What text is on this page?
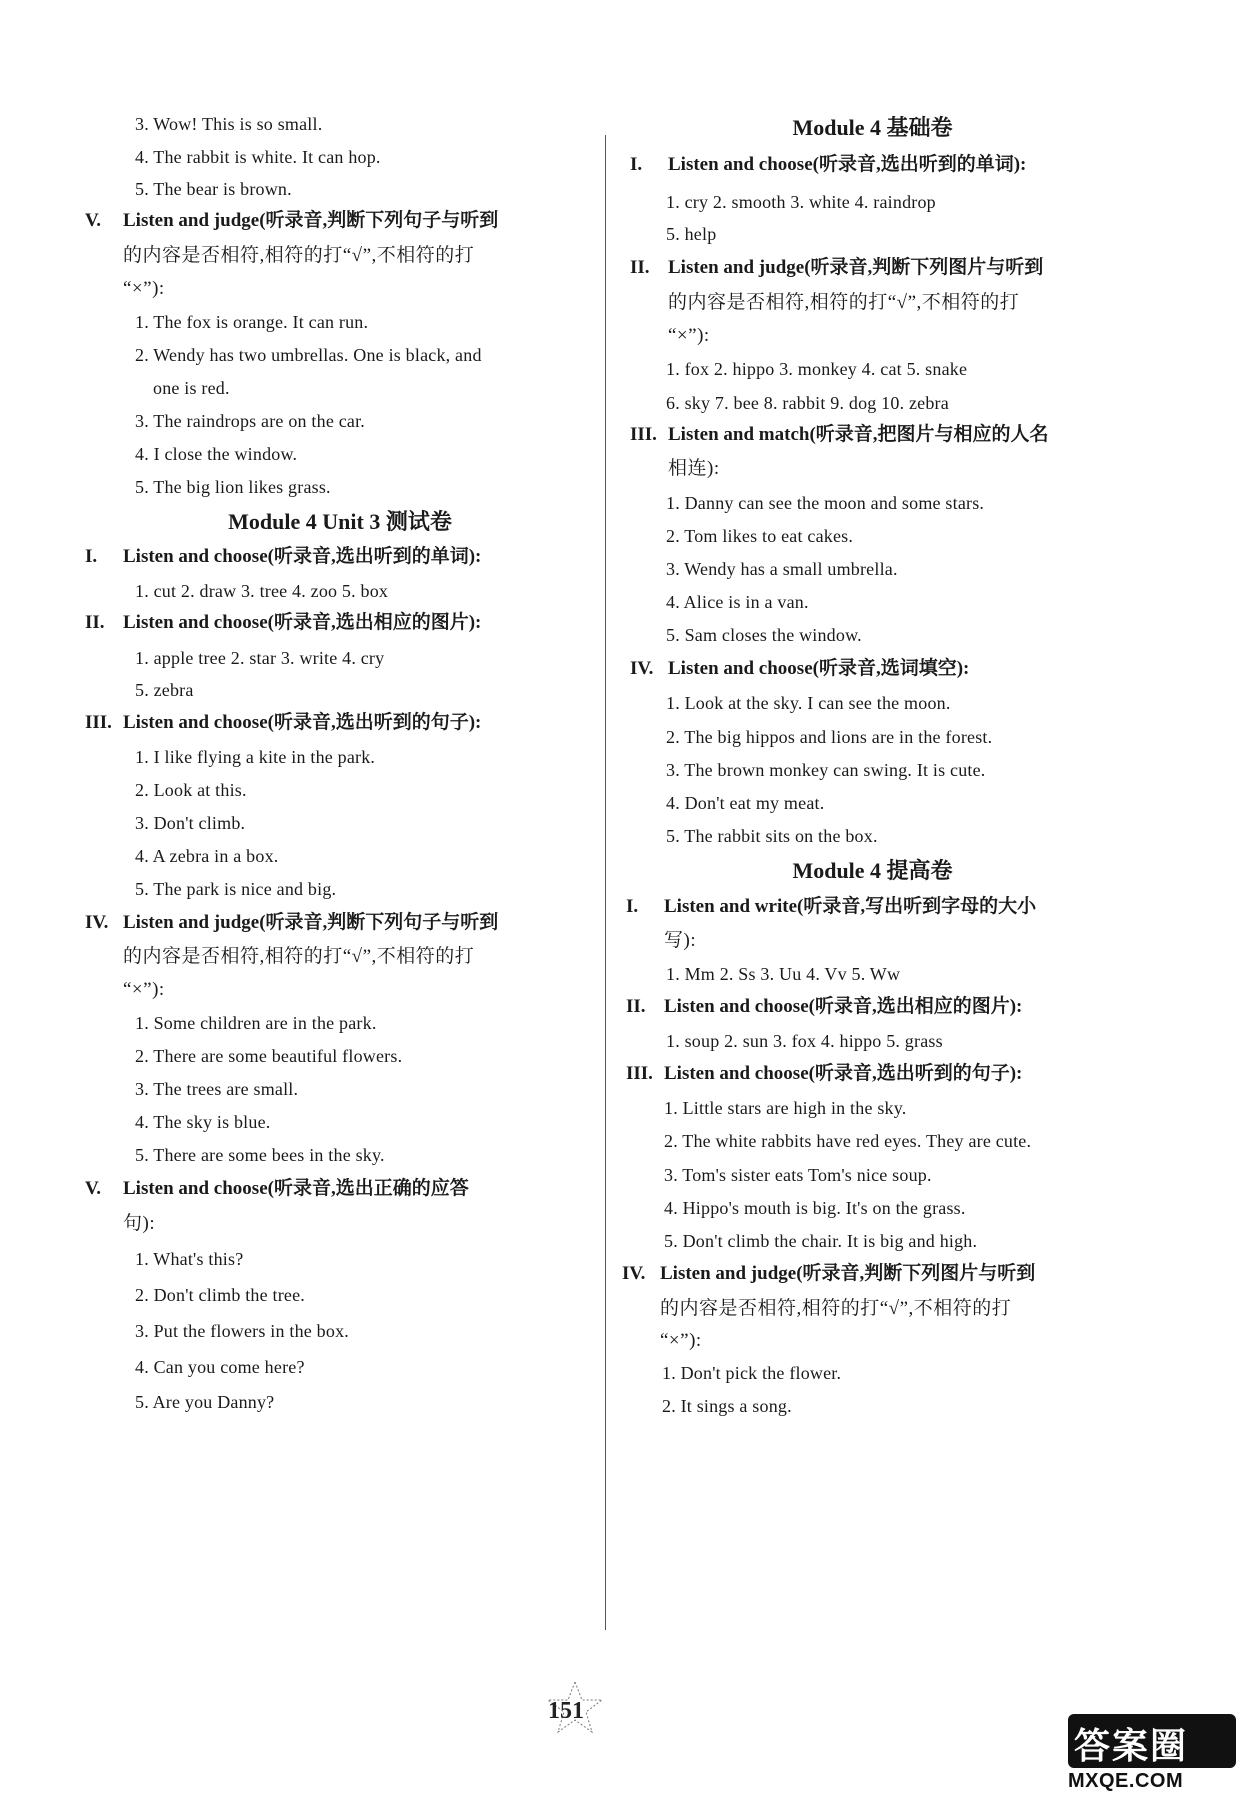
3. Wow! This is so small.
4. The rabbit is white. It can hop.
5. The bear is brown.
V. Listen and judge(听录音,判断下列句子与听到
的内容是否相符,相符的打“√”,不相符的打
“×”):
1. The fox is orange. It can run.
2. Wendy has two umbrellas. One is black, and
one is red.
3. The raindrops are on the car.
4. I close the window.
5. The big lion likes grass.
Module 4 Unit 3 测试卷
I. Listen and choose(听录音,选出听到的单词):
1. cut 2. draw 3. tree 4. zoo 5. box
II. Listen and choose(听录音,选出相应的图片):
1. apple tree 2. star 3. write 4. cry
5. zebra
III. Listen and choose(听录音,选出听到的句子):
1. I like flying a kite in the park.
2. Look at this.
3. Don't climb.
4. A zebra in a box.
5. The park is nice and big.
IV. Listen and judge(听录音,判断下列句子与听到
的内容是否相符,相符的打“√”,不相符的打
“×”):
1. Some children are in the park.
2. There are some beautiful flowers.
3. The trees are small.
4. The sky is blue.
5. There are some bees in the sky.
V. Listen and choose(听录音,选出正确的应答
句):
1. What's this?
2. Don't climb the tree.
3. Put the flowers in the box.
4. Can you come here?
5. Are you Danny?
Module 4 基础卷
I. Listen and choose(听录音,选出听到的单词):
1. cry 2. smooth 3. white 4. raindrop
5. help
II. Listen and judge(听录音,判断下列图片与听到
的内容是否相符,相符的打“√”,不相符的打
“×”):
1. fox 2. hippo 3. monkey 4. cat 5. snake
6. sky 7. bee 8. rabbit 9. dog 10. zebra
III. Listen and match(听录音,把图片与相应的人名
相连):
1. Danny can see the moon and some stars.
2. Tom likes to eat cakes.
3. Wendy has a small umbrella.
4. Alice is in a van.
5. Sam closes the window.
IV. Listen and choose(听录音,选词填空):
1. Look at the sky. I can see the moon.
2. The big hippos and lions are in the forest.
3. The brown monkey can swing. It is cute.
4. Don't eat my meat.
5. The rabbit sits on the box.
Module 4 提高卷
I. Listen and write(听录音,写出听到字母的大小
写):
1. Mm 2. Ss 3. Uu 4. Vv 5. Ww
II. Listen and choose(听录音,选出相应的图片):
1. soup 2. sun 3. fox 4. hippo 5. grass
III. Listen and choose(听录音,选出听到的句子):
1. Little stars are high in the sky.
2. The white rabbits have red eyes. They are cute.
3. Tom's sister eats Tom's nice soup.
4. Hippo's mouth is big. It's on the grass.
5. Don't climb the chair. It is big and high.
IV. Listen and judge(听录音,判断下列图片与听到
的内容是否相符,相符的打“√”,不相符的打
“×”):
1. Don't pick the flower.
2. It sings a song.
151
答案圈
MXQE.COM
